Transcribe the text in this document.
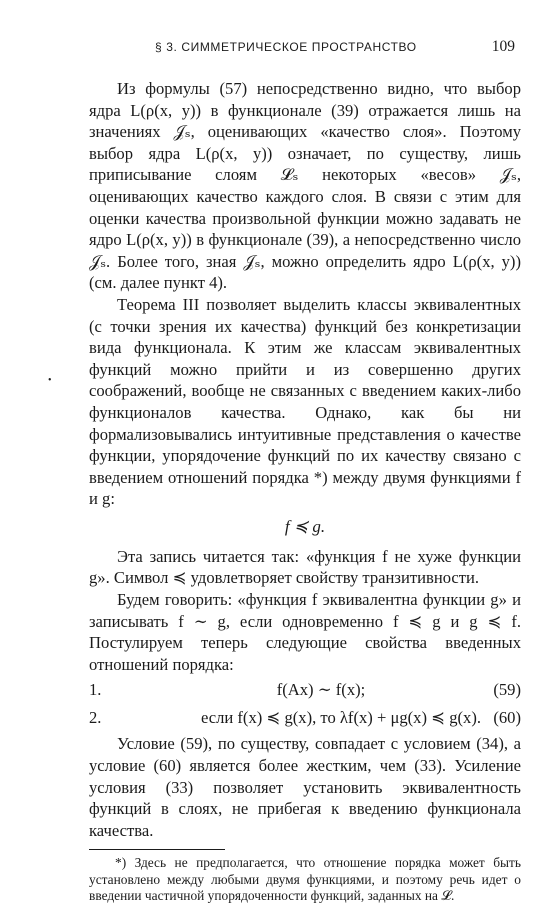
§ 3. СИММЕТРИЧЕСКОЕ ПРОСТРАНСТВО	109
•

Из формулы (57) непосредственно видно, что выбор ядра L(ρ(x, y)) в функционале (39) отражается лишь на значениях 𝒥ₛ, оценивающих «качество слоя». Поэтому выбор ядра L(ρ(x, y)) означает, по существу, лишь приписывание слоям 𝓛ₛ некоторых «весов» 𝒥ₛ, оценивающих качество каждого слоя. В связи с этим для оценки качества произвольной функции можно задавать не ядро L(ρ(x, y)) в функционале (39), а непосредственно число 𝒥ₛ. Более того, зная 𝒥ₛ, можно определить ядро L(ρ(x, y)) (см. далее пункт 4).

Теорема III позволяет выделить классы эквивалентных (с точки зрения их качества) функций без конкретизации вида функционала. К этим же классам эквивалентных функций можно прийти и из совершенно других соображений, вообще не связанных с введением каких-либо функционалов качества. Однако, как бы ни формализовывались интуитивные представления о качестве функции, упорядочение функций по их качеству связано с введением отношений порядка *) между двумя функциями f и g:

f ≼ g.

Эта запись читается так: «функция f не хуже функции g». Символ ≼ удовлетворяет свойству транзитивности.

Будем говорить: «функция f эквивалентна функции g» и записывать f ∼ g, если одновременно f ≼ g и g ≼ f. Постулируем теперь следующие свойства введенных отношений порядка:

1.	f(Ax) ∼ f(x);	(59)
2.	если f(x) ≼ g(x), то λf(x) + μg(x) ≼ g(x). (60)

Условие (59), по существу, совпадает с условием (34), а условие (60) является более жестким, чем (33). Усиление условия (33) позволяет установить эквивалентность функций в слоях, не прибегая к введению функционала качества.

*) Здесь не предполагается, что отношение порядка может быть установлено между любыми двумя функциями, и поэтому речь идет о введении частичной упорядоченности функций, заданных на 𝓛.
